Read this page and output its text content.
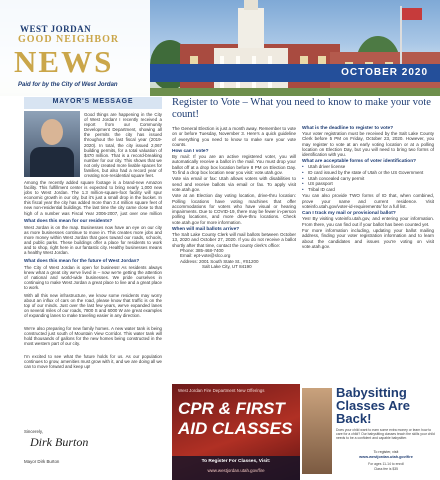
WEST JORDAN
GOOD NEIGHBOR
NEWS
Paid for by the City of West Jordan
OCTOBER 2020
MAYOR'S MESSAGE
Good things are happening in the City of West Jordan! I recently received a report from our Community Development Department, showing all the permits the city has issued throughout the last fiscal year (2019-2020). In total, the city issued 2,067 building permits, for a total valuation of $470 million. That is a record-breaking number for our city. This shows that we not only created more livable spaces for families, but also had a record year of creating non-residential square feet.
Among the recently added square footage is a brand-new Amazon facility. This fulfillment center is expected to bring nearly 1,000 new jobs to West Jordan. The 1.3 million-square-foot facility will spur economic growth in our city, but it's just a small drop in the bucket. In this fiscal year the city has added more than 3.4 million square feet of new non-residential buildings. The last time the city came close to that high of a number was Fiscal Year 2006-2007, just over one million
What does this mean for our residents?
West Jordan is on the map. Businesses now have an eye on our city as more businesses continue to move in. This creates more jobs and more money within West Jordan that goes toward our roads, schools, and public parks. These buildings offer a place for residents to work and to shop, right here in our fantastic city. Healthy businesses means a healthy West Jordan.
What does this mean for the future of West Jordan?
The City of West Jordan is open for business! As residents always knew what a great city we've lived in – now we're getting the attention of national and world-wide businesses. We pride ourselves in continuing to make West Jordan a great place to live and a great place to work.
With all this new infrastructure, we know some residents may worry about an influx of cars on the road, please know that traffic is on the top of our minds. Just over the last few years, we've expanded lanes on several miles of our roads, 7800 S and 6000 W are great examples of expanding lanes to make traveling easier in any direction.
We're also preparing for new family homes. A new water tank is being constructed just south of Mountain View Corridor. This water tank will hold thousands of gallons for the new homes being constructed in the most western part of our city.
I'm excited to see what the future holds for us. As our population continues to grow, amenities must grow with it, and we are doing all we can to move forward and keep up!
Sincerely,
Dirk Burton
Mayor Dirk Burton
Register to Vote – What you need to know to make your vote count!
The General Election is just a month away. Remember to vote on or before Tuesday, November 3. Here's a quick guideline of everything you need to know to make sure your vote counts.
How can I vote?
By mail: If you are an active registered voter, you will automatically receive a ballot in the mail. You must drop your ballot off at a drop box location before 8 PM on Election Day. To find a drop box location near you visit: vote.utah.gov.
Vote via email or fax: Utah allows voters with disabilities to send and receive ballots via email or fax. To apply visit vote.utah.gov.
Vote at an Election day voting location, drive-thru location: Polling locations have voting machines that offer accommodations for voters who have visual or hearing impairments. Due to COVID-19, there may be fewer in-person polling locations, and more drive-thru locations. Check vote.utah.gov for more information.
When will mail ballots arrive?
The Salt Lake County Clerk will mail ballots between October 13, 2020 and October 27, 2020. If you do not receive a ballot shortly after that time, contact the county clerk's office:
Phone: 385-468-7400
Email: ept-vote@slco.org
Address: 2001 South State St., #S1200
Salt Lake City, UT 84190
What is the deadline to register to vote?
Your voter registration must be received by the Salt Lake County Clerk before 5 PM on Friday, October 23, 2020. However, you may register to vote at an early voting location or at a polling location on Election Day, but you will need to bring two forms of identification with you.
What are acceptable forms of voter identification?
• Utah driver license
• ID card issued by the state of Utah or the US Government
• Utah concealed carry permit
• US passport
• Tribal ID card
You can also provide TWO forms of ID that, when combined, prove your name and current residence. Visit voteinfo.utah.gov/voter-id-requirements/ for a full list.
Can I track my mail or provisional ballot?
Yes! By visiting voteinfo.utah.gov, and entering your information. From there, you can find out if your ballot has been counted yet.
For more information including, updating your ballot mailing address, finding your voter registration information and to learn about the candidates and issues you're voting on visit vote.utah.gov.
West Jordan Fire Department New Offerings
CPR & FIRST
AID CLASSES
To Register For Classes, Visit:
www.westjordan.utah.gov/fire
Babysitting Classes Are Back!
Does your child want to earn some extra money or learn how to care for a child? Our babysitting classes teach the skills your child needs to be a confident and capable babysitter.
To register, visit
www.westjordan.utah.gov/fire
For ages 11-14 to enroll
Class fee is $35
